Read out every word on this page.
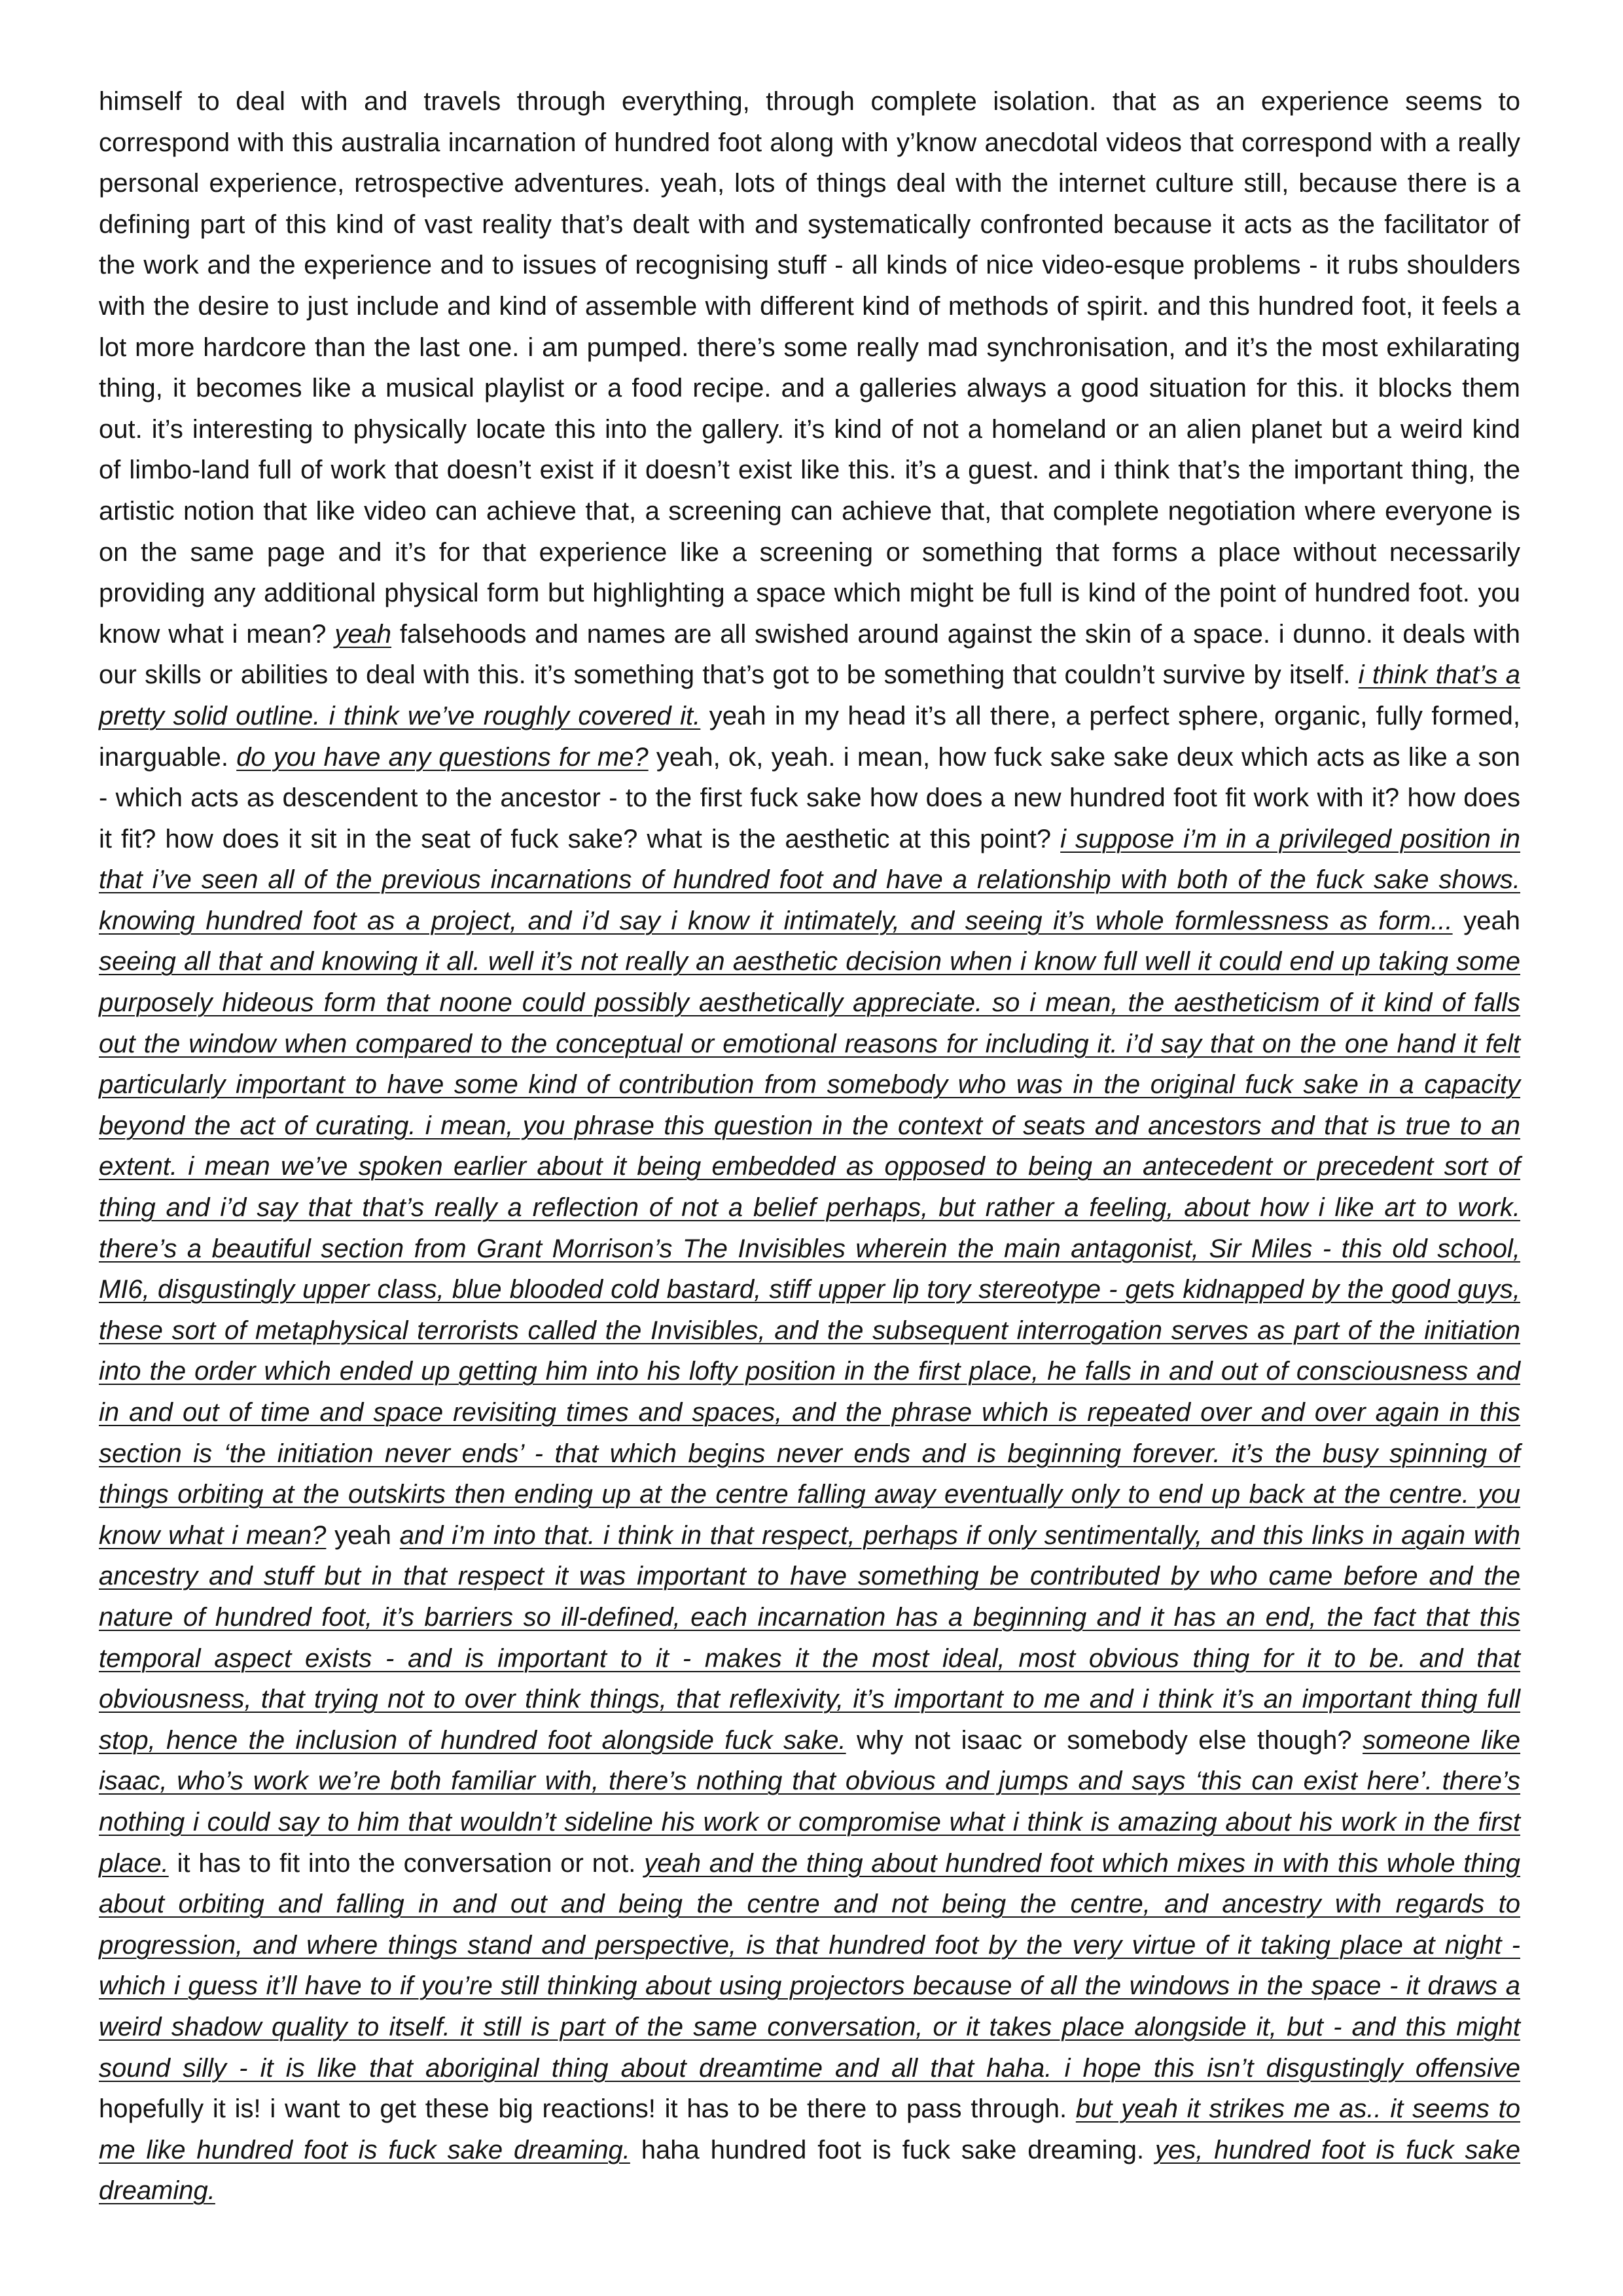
himself to deal with and travels through everything, through complete isolation. that as an experience seems to correspond with this australia incarnation of hundred foot along with y’know anecdotal videos that correspond with a really personal experience, retrospective adventures. yeah, lots of things deal with the internet culture still, because there is a defining part of this kind of vast reality that’s dealt with and systematically confronted because it acts as the facilitator of the work and the experience and to issues of recognising stuff - all kinds of nice video-esque problems - it rubs shoulders with the desire to just include and kind of assemble with different kind of methods of spirit. and this hundred foot, it feels a lot more hardcore than the last one. i am pumped. there’s some really mad synchronisation, and it’s the most exhilarating thing, it becomes like a musical playlist or a food recipe. and a galleries always a good situation for this. it blocks them out. it’s interesting to physically locate this into the gallery. it’s kind of not a homeland or an alien planet but a weird kind of limbo-land full of work that doesn’t exist if it doesn’t exist like this. it’s a guest. and i think that’s the important thing, the artistic notion that like video can achieve that, a screening can achieve that, that complete negotiation where everyone is on the same page and it’s for that experience like a screening or something that forms a place without necessarily providing any additional physical form but highlighting a space which might be full is kind of the point of hundred foot. you know what i mean? yeah falsehoods and names are all swished around against the skin of a space. i dunno. it deals with our skills or abilities to deal with this. it’s something that’s got to be something that couldn’t survive by itself. i think that’s a pretty solid outline. i think we’ve roughly covered it. yeah in my head it’s all there, a perfect sphere, organic, fully formed, inarguable. do you have any questions for me? yeah, ok, yeah. i mean, how fuck sake sake deux which acts as like a son - which acts as descendent to the ancestor - to the first fuck sake how does a new hundred foot fit work with it? how does it fit? how does it sit in the seat of fuck sake? what is the aesthetic at this point? i suppose i’m in a privileged position in that i’ve seen all of the previous incarnations of hundred foot and have a relationship with both of the fuck sake shows. knowing hundred foot as a project, and i’d say i know it intimately, and seeing it’s whole formlessness as form... yeah seeing all that and knowing it all. well it’s not really an aesthetic decision when i know full well it could end up taking some purposely hideous form that noone could possibly aesthetically appreciate. so i mean, the aestheticism of it kind of falls out the window when compared to the conceptual or emotional reasons for including it. i’d say that on the one hand it felt particularly important to have some kind of contribution from somebody who was in the original fuck sake in a capacity beyond the act of curating. i mean, you phrase this question in the context of seats and ancestors and that is true to an extent. i mean we’ve spoken earlier about it being embedded as opposed to being an antecedent or precedent sort of thing and i’d say that that’s really a reflection of not a belief perhaps, but rather a feeling, about how i like art to work. there’s a beautiful section from Grant Morrison’s The Invisibles wherein the main antagonist, Sir Miles - this old school, MI6, disgustingly upper class, blue blooded cold bastard, stiff upper lip tory stereotype - gets kidnapped by the good guys, these sort of metaphysical terrorists called the Invisibles, and the subsequent interrogation serves as part of the initiation into the order which ended up getting him into his lofty position in the first place, he falls in and out of consciousness and in and out of time and space revisiting times and spaces, and the phrase which is repeated over and over again in this section is ‘the initiation never ends’ - that which begins never ends and is beginning forever. it’s the busy spinning of things orbiting at the outskirts then ending up at the centre falling away eventually only to end up back at the centre. you know what i mean? yeah and i’m into that. i think in that respect, perhaps if only sentimentally, and this links in again with ancestry and stuff but in that respect it was important to have something be contributed by who came before and the nature of hundred foot, it’s barriers so ill-defined, each incarnation has a beginning and it has an end, the fact that this temporal aspect exists - and is important to it - makes it the most ideal, most obvious thing for it to be. and that obviousness, that trying not to over think things, that reflexivity, it’s important to me and i think it’s an important thing full stop, hence the inclusion of hundred foot alongside fuck sake. why not isaac or somebody else though? someone like isaac, who’s work we’re both familiar with, there’s nothing that obvious and jumps and says ‘this can exist here’. there’s nothing i could say to him that wouldn’t sideline his work or compromise what i think is amazing about his work in the first place. it has to fit into the conversation or not. yeah and the thing about hundred foot which mixes in with this whole thing about orbiting and falling in and out and being the centre and not being the centre, and ancestry with regards to progression, and where things stand and perspective, is that hundred foot by the very virtue of it taking place at night - which i guess it’ll have to if you’re still thinking about using projectors because of all the windows in the space - it draws a weird shadow quality to itself. it still is part of the same conversation, or it takes place alongside it, but - and this might sound silly - it is like that aboriginal thing about dreamtime and all that haha. i hope this isn’t disgustingly offensive hopefully it is! i want to get these big reactions! it has to be there to pass through. but yeah it strikes me as.. it seems to me like hundred foot is fuck sake dreaming. haha hundred foot is fuck sake dreaming. yes, hundred foot is fuck sake dreaming.
